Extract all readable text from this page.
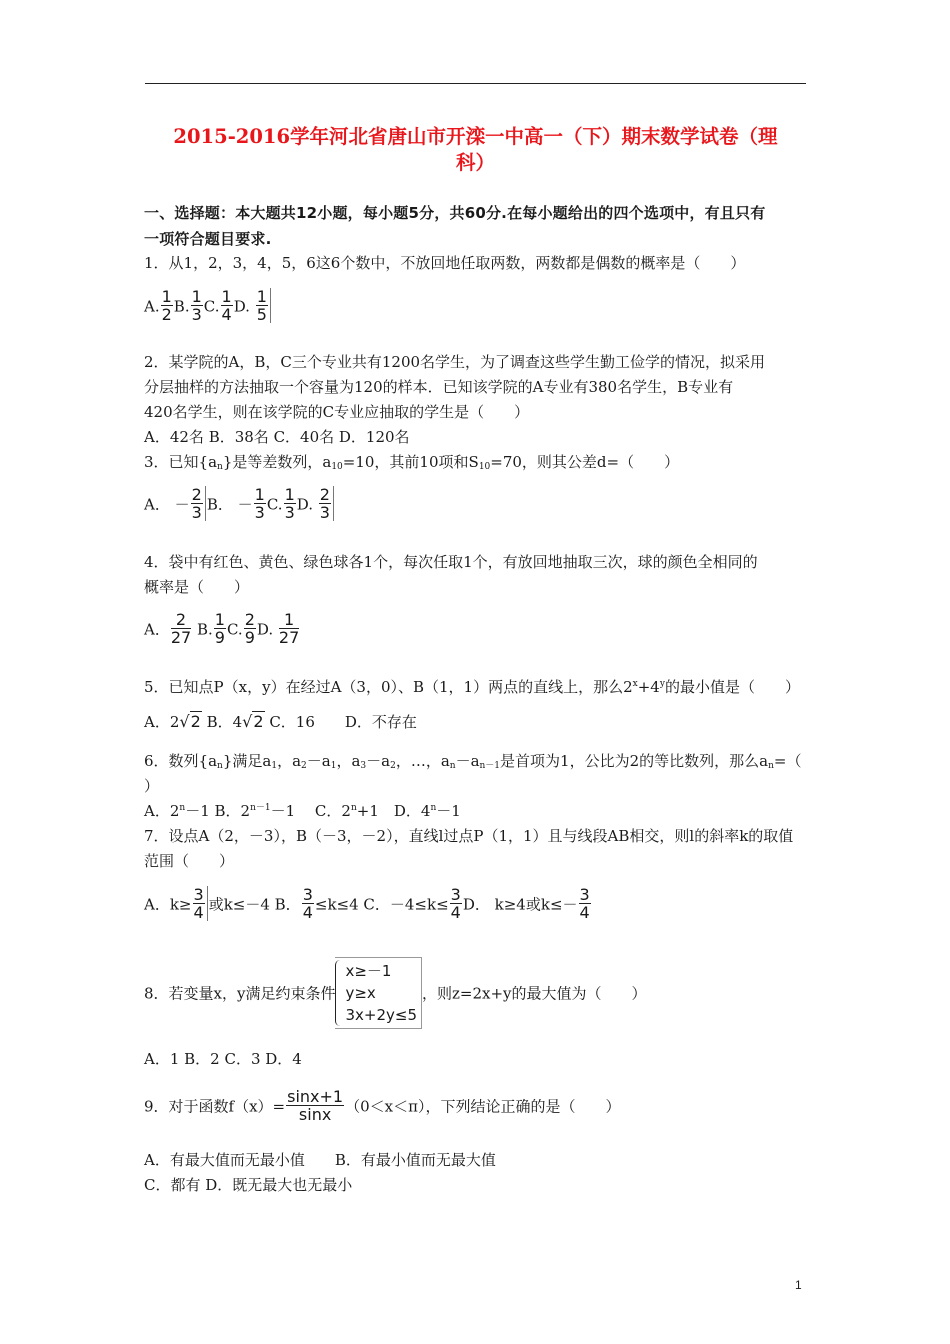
2015-2016学年河北省唐山市开滦一中高一（下）期末数学试卷（理
科）
一、选择题：本大题共12小题，每小题5分，共60分.在每小题给出的四个选项中，有且只有
一项符合题目要求.
1．从1，2，3，4，5，6这6个数中，不放回地任取两数，两数都是偶数的概率是（　　）
A. $\frac{1}{2} B$. $\frac{1}{3} C$. $\frac{1}{4} D$. $\frac{1}{5}$
2．某学院的A，B，C三个专业共有1200名学生，为了调查这些学生勤工俭学的情况，拟采用
分层抽样的方法抽取一个容量为120的样本．已知该学院的A专业有380名学生，B专业有
420名学生，则在该学院的C专业应抽取的学生是（　　）
A．42名 B．38名 C．40名 D．120名
3．已知$\{a_n\}$是等差数列，$a_{10}=10$，其前10项和$S_{10}=70$，则其公差d=（　　）
A． － $\frac{2}{3}$ B． － $\frac{1}{3} C$. $\frac{1}{3} D$. $\frac{2}{3}$
4．袋中有红色、黄色、绿色球各1个，每次任取1个，有放回地抽取三次，球的颜色全相同的
概率是（　　）
A． $\frac{2}{27} B$. $\frac{1}{9} C$. $\frac{2}{9} D$. $\frac{1}{27}$
5．已知点P（x，y）在经过A（3，0）、B（1，1）两点的直线上，那么$2^x+4^y$的最小值是（　　）
A．2√2 B．4√2 C．16　　D．不存在
6．数列$\{a_n\}$满足$a_1$，$a_2-a_1$，$a_3-a_2$，…，$a_n-a_{n-1}$是首项为1，公比为2的等比数列，那么$a_n=$（
）
A．$2^n-1$ B．$2^{n-1}-1$　 C．$2^n+1$　D．$4^n-1$
7．设点A（2，－3），B（－3，－2），直线l过点P（1，1）且与线段AB相交，则l的斜率k的取值
范围（　　）
A．$k\ge \frac{3}{4}$ 或k≤－4 B． $\frac{3}{4} \le k\le 4$ C．$-4\le k\le \frac{3}{4}$ D． k≥4或$k\le- \frac{3}{4}$
8．若变量x，y满足约束条件
x≥－1
y≥x
3x+2y≤5
，则z=2x+y的最大值为（　　）
A．1 B．2 C．3 D．4
9．对于函数$f(x)= \frac{\sin x+1}{\sin x} (0<x<\pi)$，下列结论正确的是（　　）
A．有最大值而无最小值　　B．有最小值而无最大值
C．都有 D．既无最大也无最小
1
